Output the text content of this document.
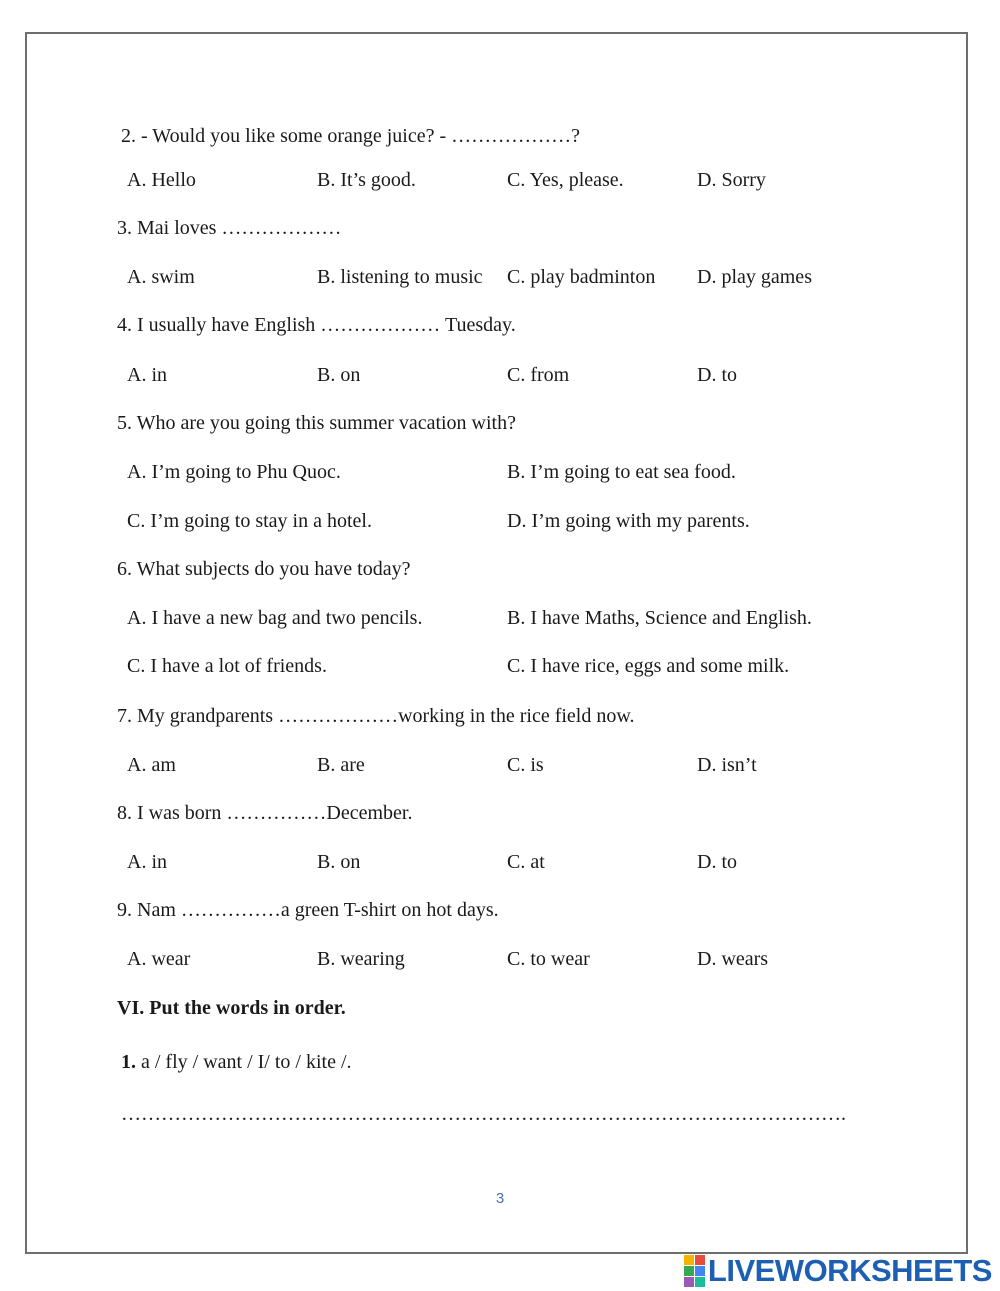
2. - Would you like some orange juice? - ………………?
A. Hello	B. It’s good.	C. Yes, please.	D. Sorry
3. Mai loves ………………
A. swim	B. listening to music C. play badminton D. play games
4. I usually have English ……………… Tuesday.
A. in	B. on	C. from	D. to
5. Who are you going this summer vacation with?
A. I’m going to Phu Quoc.	B. I’m going to eat sea food.
C. I’m going to stay in a hotel.	D. I’m going with my parents.
6. What subjects do you have today?
A. I have a new bag and two pencils.	B. I have Maths, Science and English.
C. I have a lot of friends.	C. I have rice, eggs and some milk.
7. My grandparents ………………working in the rice field now.
A. am	B. are	C. is	D. isn’t
8. I was born ……………December.
A. in	B. on	C. at	D. to
9. Nam ……………a green T-shirt on hot days.
A. wear	B. wearing	C. to wear	D. wears
VI. Put the words in order.
1. a / fly / want / I/ to / kite /.
……………………………………………………………………………………………….
3
LIVEWORKSHEETS
